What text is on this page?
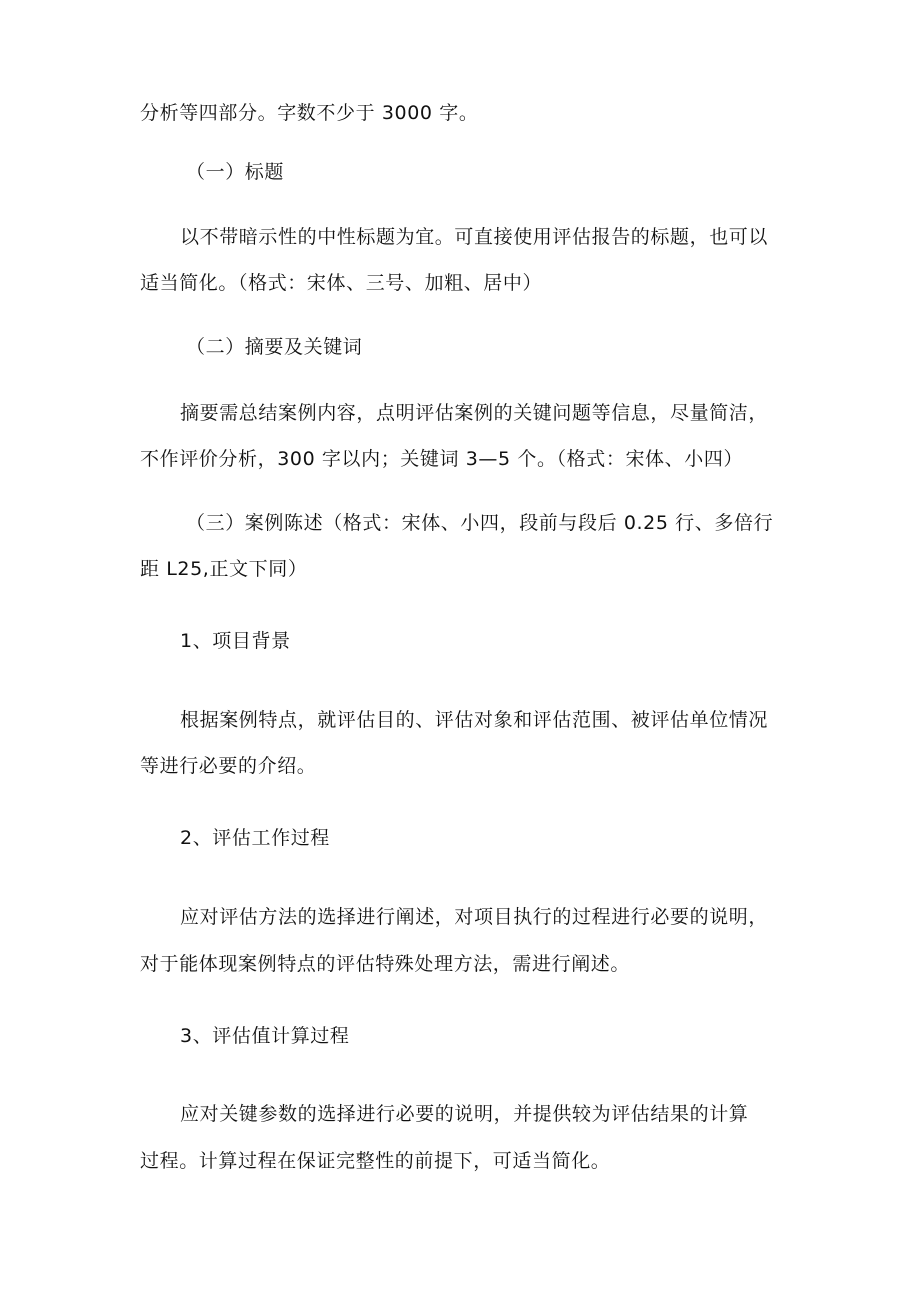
分析等四部分。字数不少于 3000 字。
（一）标题
以不带暗示性的中性标题为宜。可直接使用评估报告的标题，也可以
适当简化。（格式：宋体、三号、加粗、居中）
（二）摘要及关键词
摘要需总结案例内容，点明评估案例的关键问题等信息，尽量简洁，
不作评价分析，300 字以内；关键词 3—5 个。（格式：宋体、小四）
（三）案例陈述（格式：宋体、小四，段前与段后 0.25 行、多倍行
距 L25,正文下同）
1、项目背景
根据案例特点，就评估目的、评估对象和评估范围、被评估单位情况
等进行必要的介绍。
2、评估工作过程
应对评估方法的选择进行阐述，对项目执行的过程进行必要的说明，
对于能体现案例特点的评估特殊处理方法，需进行阐述。
3、评估值计算过程
应对关键参数的选择进行必要的说明，并提供较为评估结果的计算
过程。计算过程在保证完整性的前提下，可适当简化。
